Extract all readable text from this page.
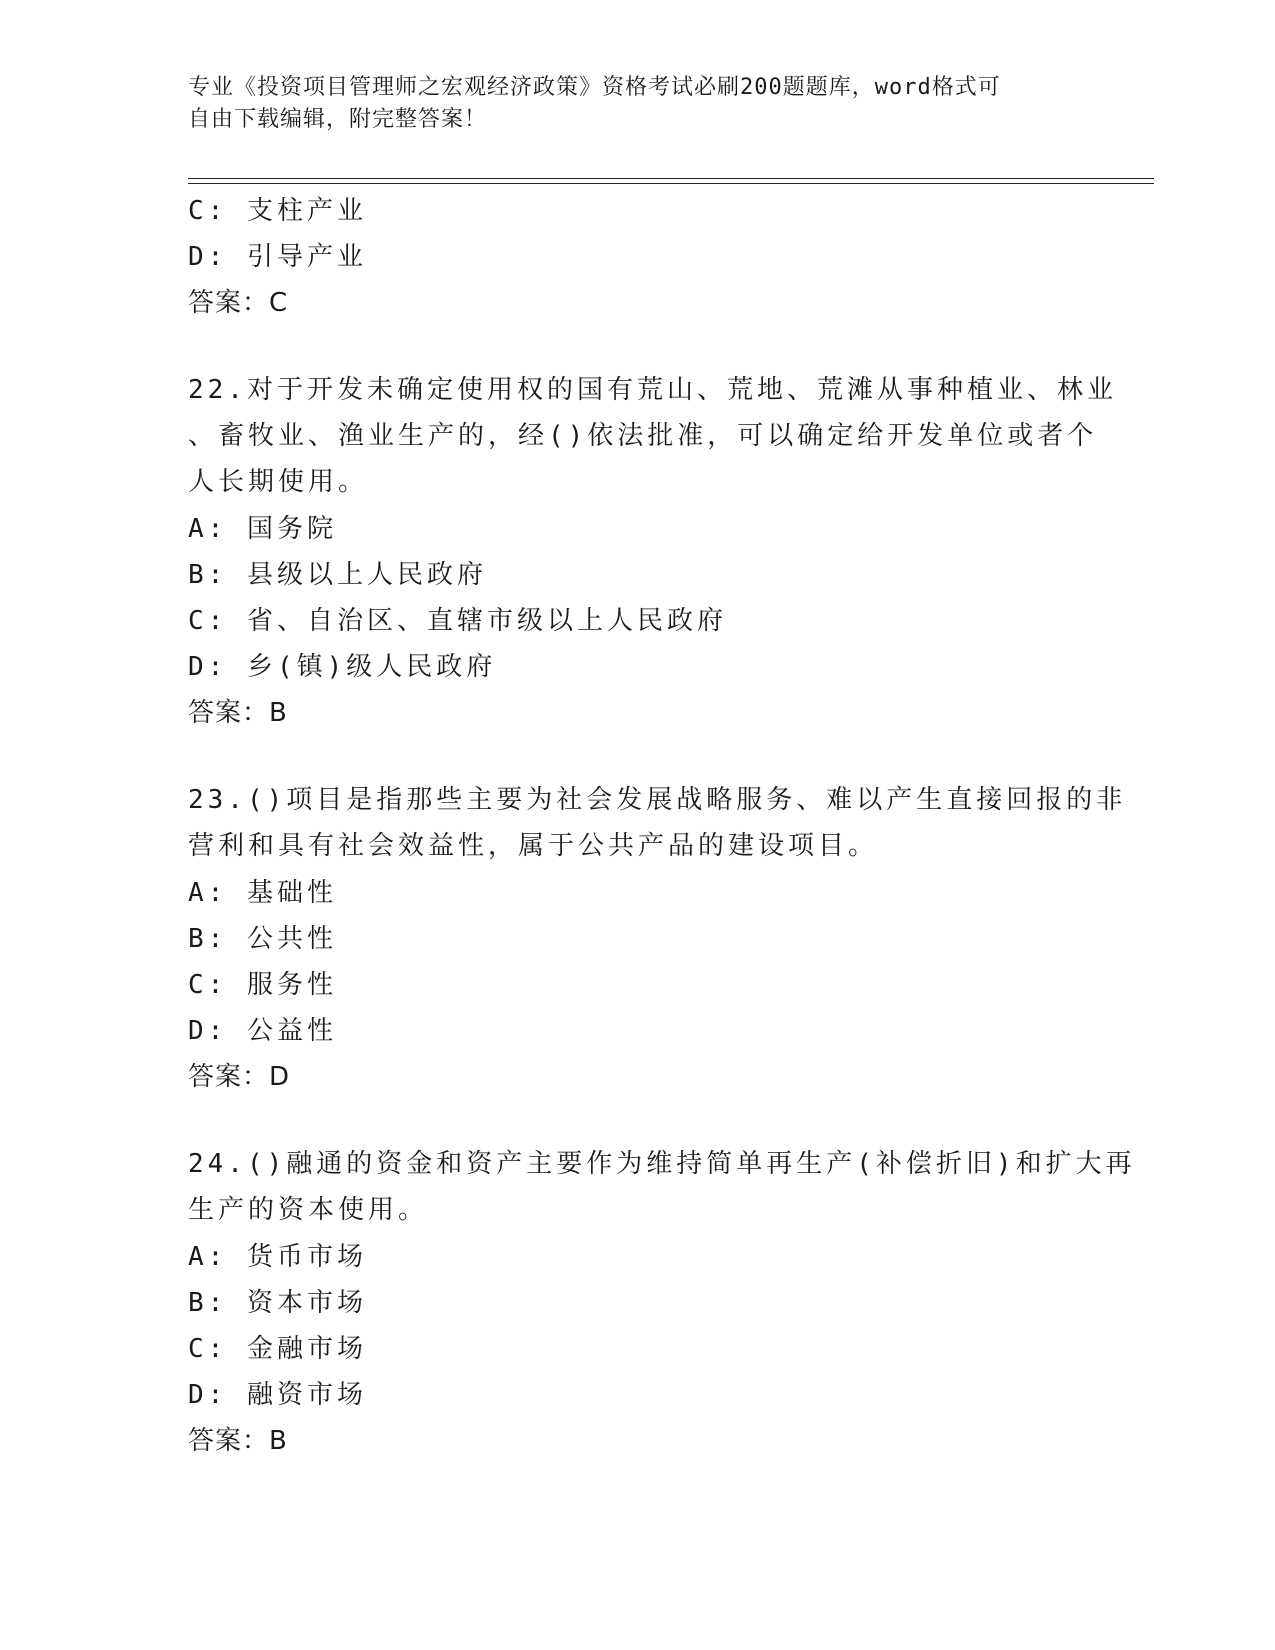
专业《投资项目管理师之宏观经济政策》资格考试必刷200题题库，word格式可
自由下载编辑，附完整答案！
C: 支柱产业
D: 引导产业
答案：C
22.对于开发未确定使用权的国有荒山、荒地、荒滩从事种植业、林业
、畜牧业、渔业生产的，经()依法批准，可以确定给开发单位或者个
人长期使用。
A: 国务院
B: 县级以上人民政府
C: 省、自治区、直辖市级以上人民政府
D: 乡(镇)级人民政府
答案：B
23.()项目是指那些主要为社会发展战略服务、难以产生直接回报的非
营利和具有社会效益性，属于公共产品的建设项目。
A: 基础性
B: 公共性
C: 服务性
D: 公益性
答案：D
24.()融通的资金和资产主要作为维持简单再生产(补偿折旧)和扩大再
生产的资本使用。
A: 货币市场
B: 资本市场
C: 金融市场
D: 融资市场
答案：B
